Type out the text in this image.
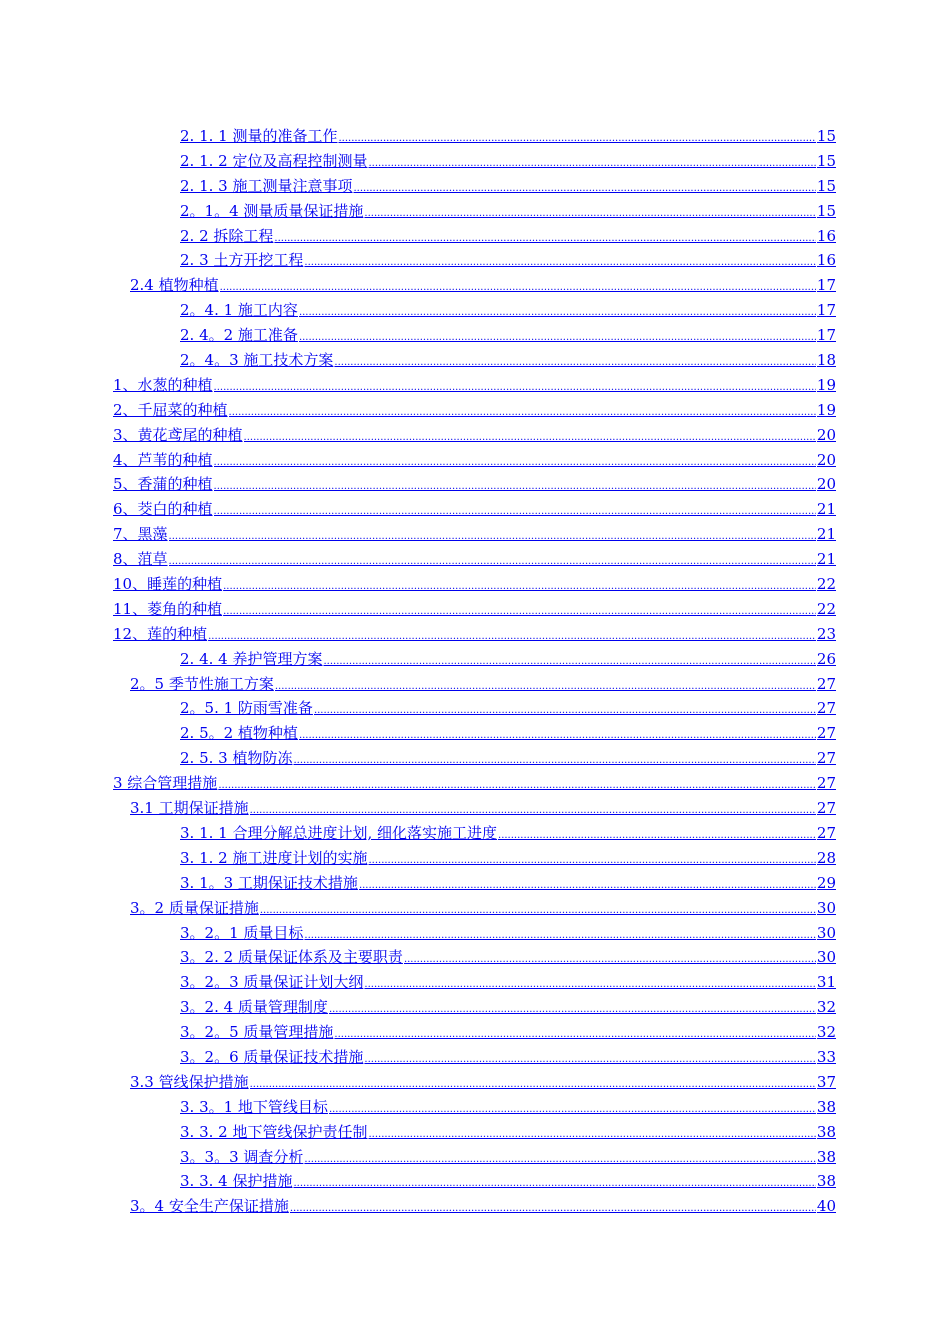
2. 1. 1 测量的准备工作 .....	15
2. 1. 2 定位及高程控制测量 .....	15
2. 1. 3 施工测量注意事项 .....	15
2。1。4 测量质量保证措施 .....	15
2. 2 拆除工程 .....	16
2. 3 土方开挖工程 .....	16
2.4 植物种植 .....	17
2。4. 1 施工内容 .....	17
2. 4。2 施工准备 .....	17
2。4。3 施工技术方案 .....	18
1、水葱的种植 .....	19
2、千屈菜的种植 .....	19
3、黄花鸢尾的种植 .....	20
4、芦苇的种植 .....	20
5、香蒲的种植 .....	20
6、茭白的种植 .....	21
7、黑藻 .....	21
8、菹草 .....	21
10、睡莲的种植 .....	22
11、菱角的种植 .....	22
12、莲的种植 .....	23
2. 4. 4 养护管理方案 .....	26
2。5 季节性施工方案 .....	27
2。5. 1 防雨雪准备 .....	27
2. 5。2 植物种植 .....	27
2. 5. 3 植物防冻 .....	27
3 综合管理措施 .....	27
3.1 工期保证措施 .....	27
3. 1. 1 合理分解总进度计划, 细化落实施工进度 .....	27
3. 1. 2 施工进度计划的实施 .....	28
3. 1。3 工期保证技术措施 .....	29
3。2 质量保证措施 .....	30
3。2。1 质量目标 .....	30
3。2. 2 质量保证体系及主要职责 .....	30
3。2。3 质量保证计划大纲 .....	31
3。2. 4 质量管理制度 .....	32
3。2。5 质量管理措施 .....	32
3。2。6 质量保证技术措施 .....	33
3.3 管线保护措施 .....	37
3. 3。1 地下管线目标 .....	38
3. 3. 2 地下管线保护责任制 .....	38
3。3。3 调查分析 .....	38
3. 3. 4 保护措施 .....	38
3。4 安全生产保证措施 .....	40
